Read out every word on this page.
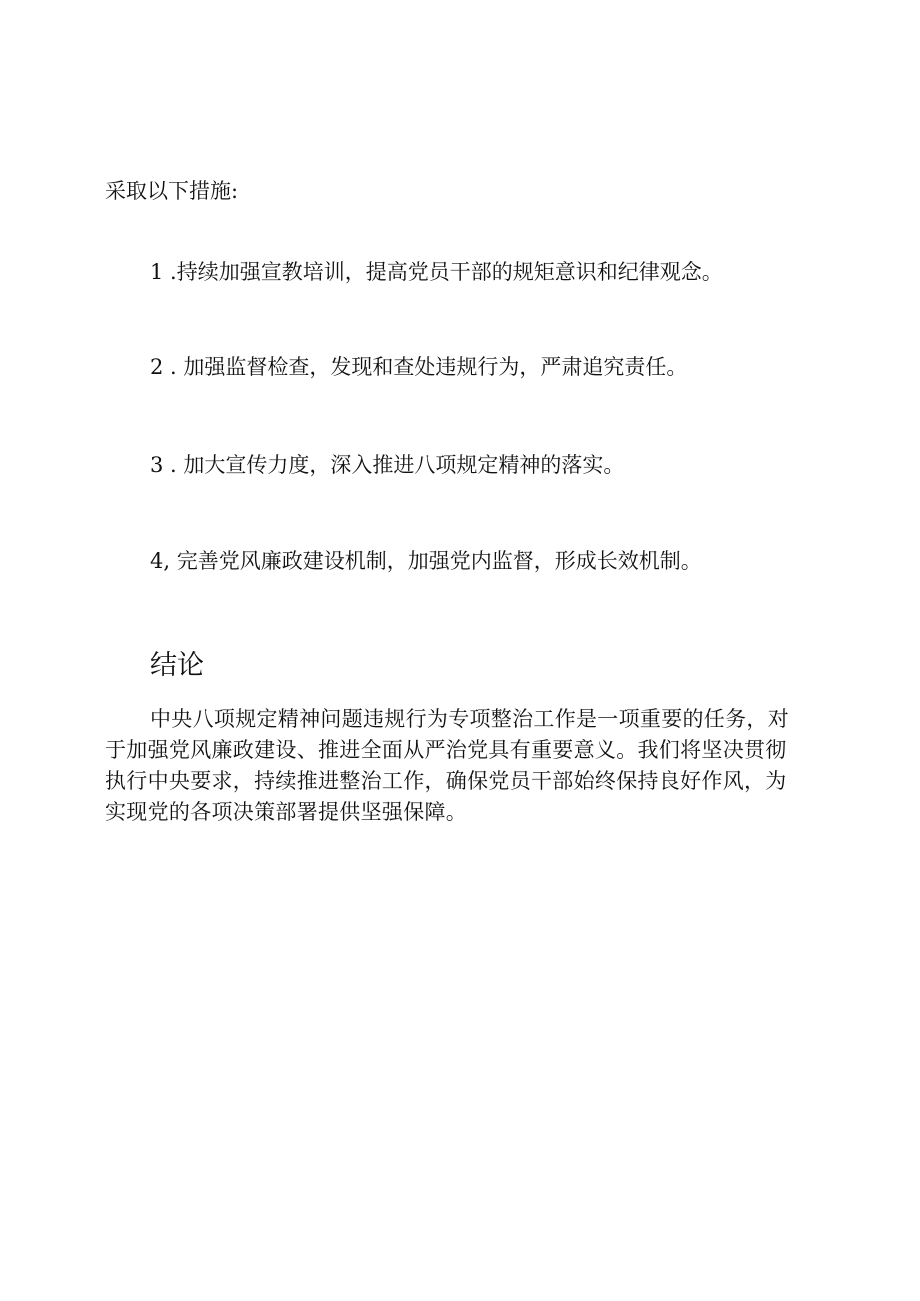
采取以下措施:

1 .持续加强宣教培训，提高党员干部的规矩意识和纪律观念。

2 . 加强监督检查，发现和查处违规行为，严肃追究责任。

3 . 加大宣传力度，深入推进八项规定精神的落实。

4, 完善党风廉政建设机制，加强党内监督，形成长效机制。

结论

中央八项规定精神问题违规行为专项整治工作是一项重要的任务，对于加强党风廉政建设、推进全面从严治党具有重要意义。我们将坚决贯彻执行中央要求，持续推进整治工作，确保党员干部始终保持良好作风，为实现党的各项决策部署提供坚强保障。
